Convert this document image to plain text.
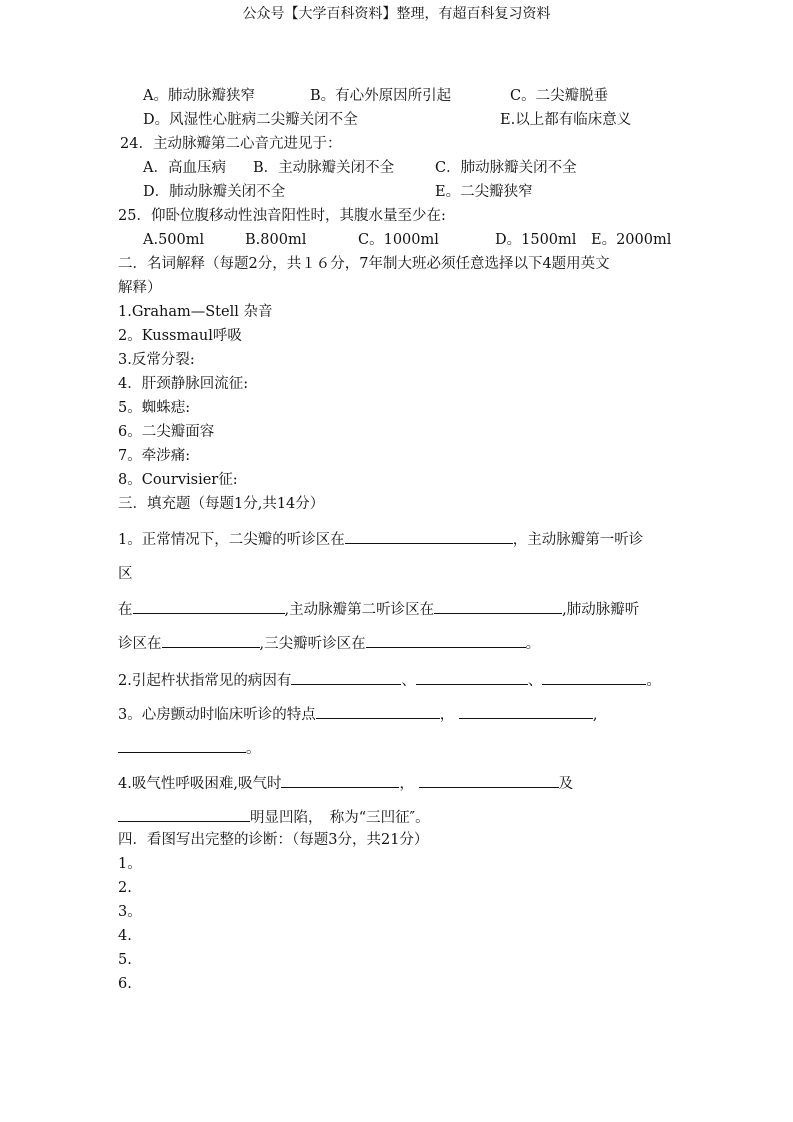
公众号【大学百科资料】整理，有超百科复习资料
A。肺动脉瓣狭窄	B。有心外原因所引起	C。二尖瓣脱垂
D。风湿性心脏病二尖瓣关闭不全	E.以上都有临床意义
24．主动脉瓣第二心音亢进见于：
A．高血压病 B．主动脉瓣关闭不全	C．肺动脉瓣关闭不全
D．肺动脉瓣关闭不全	E。二尖瓣狭窄
25．仰卧位腹移动性浊音阳性时，其腹水量至少在:
A.500ml	B.800ml	C。1000ml	D。1500ml E。2000ml
二．名词解释（每题2分，共１６分，7年制大班必须任意选择以下4题用英文
解释）
1.Graham—Stell 杂音
2。Kussmaul呼吸
3.反常分裂:
4．肝颈静脉回流征:
5。蜘蛛痣:
6。二尖瓣面容
7。牵涉痛:
8。Courvisier征:
三．填充题（每题1分,共14分）
1。正常情况下，二尖瓣的听诊区在	，主动脉瓣第一听诊
区
在	,主动脉瓣第二听诊区在	,肺动脉瓣听
诊区在	,三尖瓣听诊区在	。
2.引起杵状指常见的病因有	、	、	。
3。心房颤动时临床听诊的特点	，	,
。
4.吸气性呼吸困难,吸气时	，	及
明显凹陷，　称为“三凹征″。
四．看图写出完整的诊断：（每题3分，共21分）
1。
2.
3。
4.
5.
6.
